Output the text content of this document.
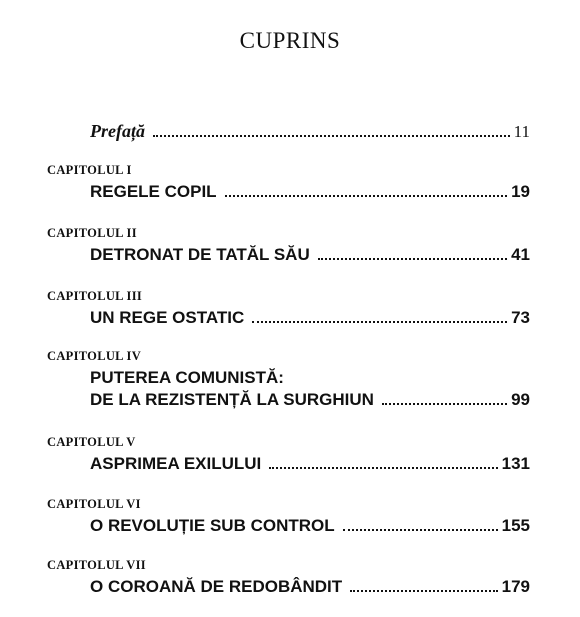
CUPRINS
Prefață	11
CAPITOLUL I
REGELE COPIL	19
CAPITOLUL II
DETRONAT DE TATĂL SĂU	41
CAPITOLUL III
UN REGE OSTATIC	73
CAPITOLUL IV
PUTEREA COMUNISTĂ:
DE LA REZISTENȚĂ LA SURGHIUN	99
CAPITOLUL V
ASPRIMEA EXILULUI	131
CAPITOLUL VI
O REVOLUȚIE SUB CONTROL	155
CAPITOLUL VII
O COROANĂ DE REDOBÂNDIT	179
